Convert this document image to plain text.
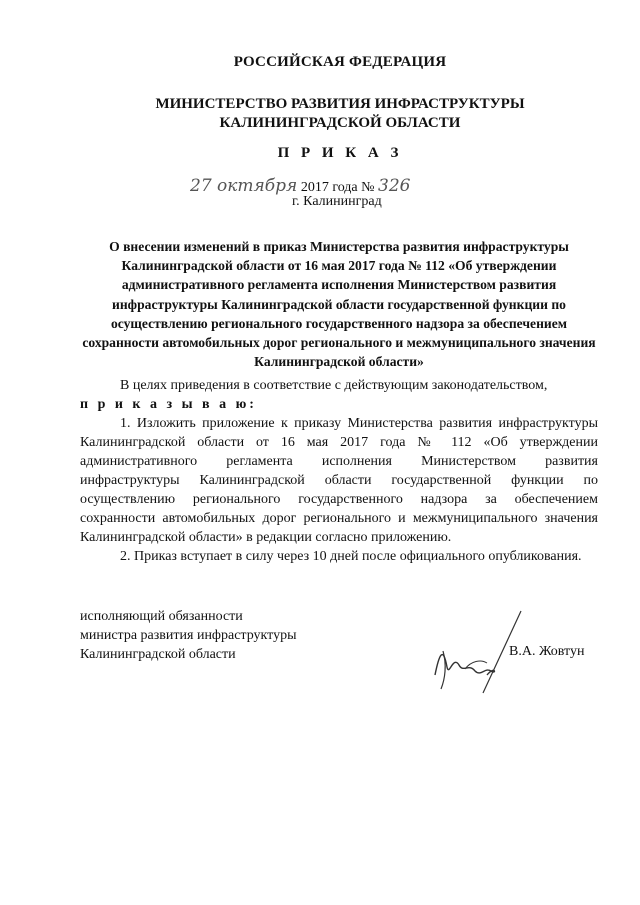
РОССИЙСКАЯ ФЕДЕРАЦИЯ
МИНИСТЕРСТВО РАЗВИТИЯ ИНФРАСТРУКТУРЫ
КАЛИНИНГРАДСКОЙ ОБЛАСТИ
П Р И К А З
27 октября 2017 года № 326
г. Калининград
О внесении изменений в приказ Министерства развития инфраструктуры Калининградской области от 16 мая 2017 года № 112 «Об утверждении административного регламента исполнения Министерством развития инфраструктуры Калининградской области государственной функции по осуществлению регионального государственного надзора за обеспечением сохранности автомобильных дорог регионального и межмуниципального значения Калининградской области»

В целях приведения в соответствие с действующим законодательством,

п р и к а з ы в а ю:

1. Изложить приложение к приказу Министерства развития инфраструктуры Калининградской области от 16 мая 2017 года № 112 «Об утверждении административного регламента исполнения Министерством развития инфраструктуры Калининградской области государственной функции по осуществлению регионального государственного надзора за обеспечением сохранности автомобильных дорог регионального и межмуниципального значения Калининградской области» в редакции согласно приложению.

2. Приказ вступает в силу через 10 дней после официального опубликования.

исполняющий обязанности
министра развития инфраструктуры
Калининградской области	В.А. Жовтун
